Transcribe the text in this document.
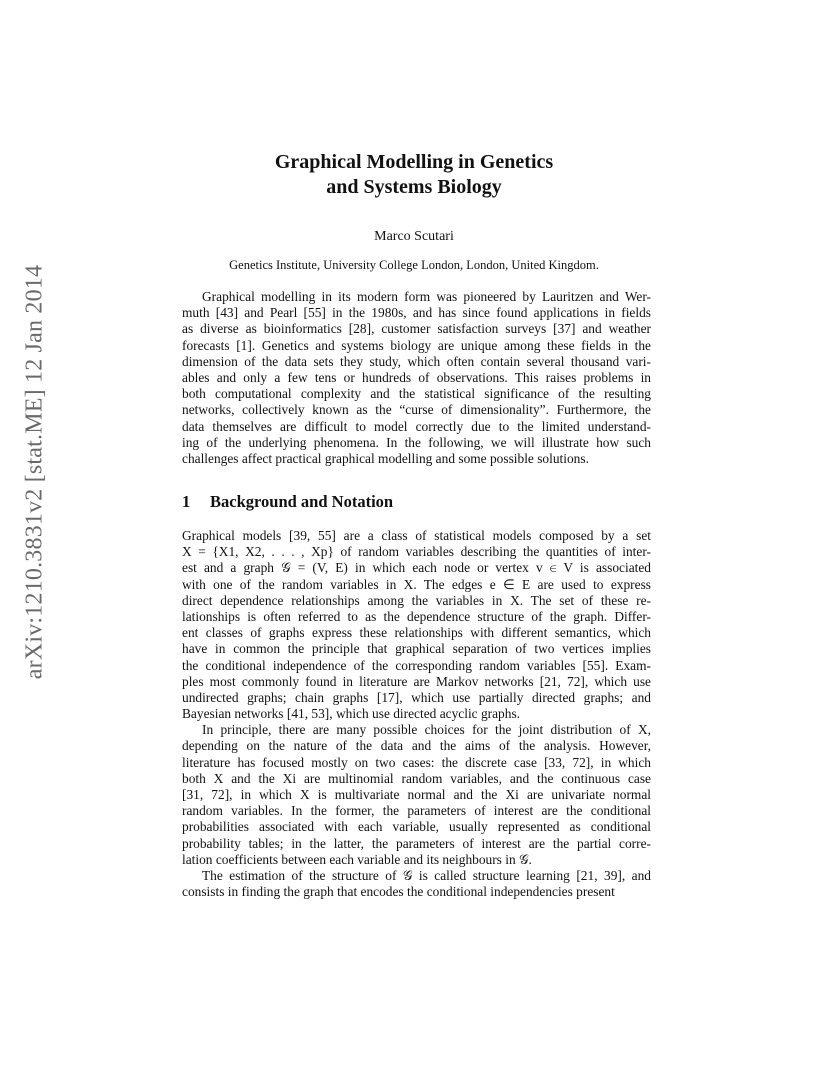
arXiv:1210.3831v2 [stat.ME] 12 Jan 2014
Graphical Modelling in Genetics
and Systems Biology
Marco Scutari
Genetics Institute, University College London, London, United Kingdom.
Graphical modelling in its modern form was pioneered by Lauritzen and Wer-
muth [43] and Pearl [55] in the 1980s, and has since found applications in fields
as diverse as bioinformatics [28], customer satisfaction surveys [37] and weather
forecasts [1]. Genetics and systems biology are unique among these fields in the
dimension of the data sets they study, which often contain several thousand vari-
ables and only a few tens or hundreds of observations. This raises problems in
both computational complexity and the statistical significance of the resulting
networks, collectively known as the “curse of dimensionality”. Furthermore, the
data themselves are difficult to model correctly due to the limited understand-
ing of the underlying phenomena. In the following, we will illustrate how such
challenges affect practical graphical modelling and some possible solutions.
1 Background and Notation
Graphical models [39, 55] are a class of statistical models composed by a set
X = {X1, X2, . . . , Xp} of random variables describing the quantities of inter-
est and a graph 𝒢 = (V, E) in which each node or vertex v ∈ V is associated
with one of the random variables in X. The edges e ∈ E are used to express
direct dependence relationships among the variables in X. The set of these re-
lationships is often referred to as the dependence structure of the graph. Differ-
ent classes of graphs express these relationships with different semantics, which
have in common the principle that graphical separation of two vertices implies
the conditional independence of the corresponding random variables [55]. Exam-
ples most commonly found in literature are Markov networks [21, 72], which use
undirected graphs; chain graphs [17], which use partially directed graphs; and
Bayesian networks [41, 53], which use directed acyclic graphs.
In principle, there are many possible choices for the joint distribution of X,
depending on the nature of the data and the aims of the analysis. However,
literature has focused mostly on two cases: the discrete case [33, 72], in which
both X and the Xi are multinomial random variables, and the continuous case
[31, 72], in which X is multivariate normal and the Xi are univariate normal
random variables. In the former, the parameters of interest are the conditional
probabilities associated with each variable, usually represented as conditional
probability tables; in the latter, the parameters of interest are the partial corre-
lation coefficients between each variable and its neighbours in 𝒢.
The estimation of the structure of 𝒢 is called structure learning [21, 39], and
consists in finding the graph that encodes the conditional independencies present
